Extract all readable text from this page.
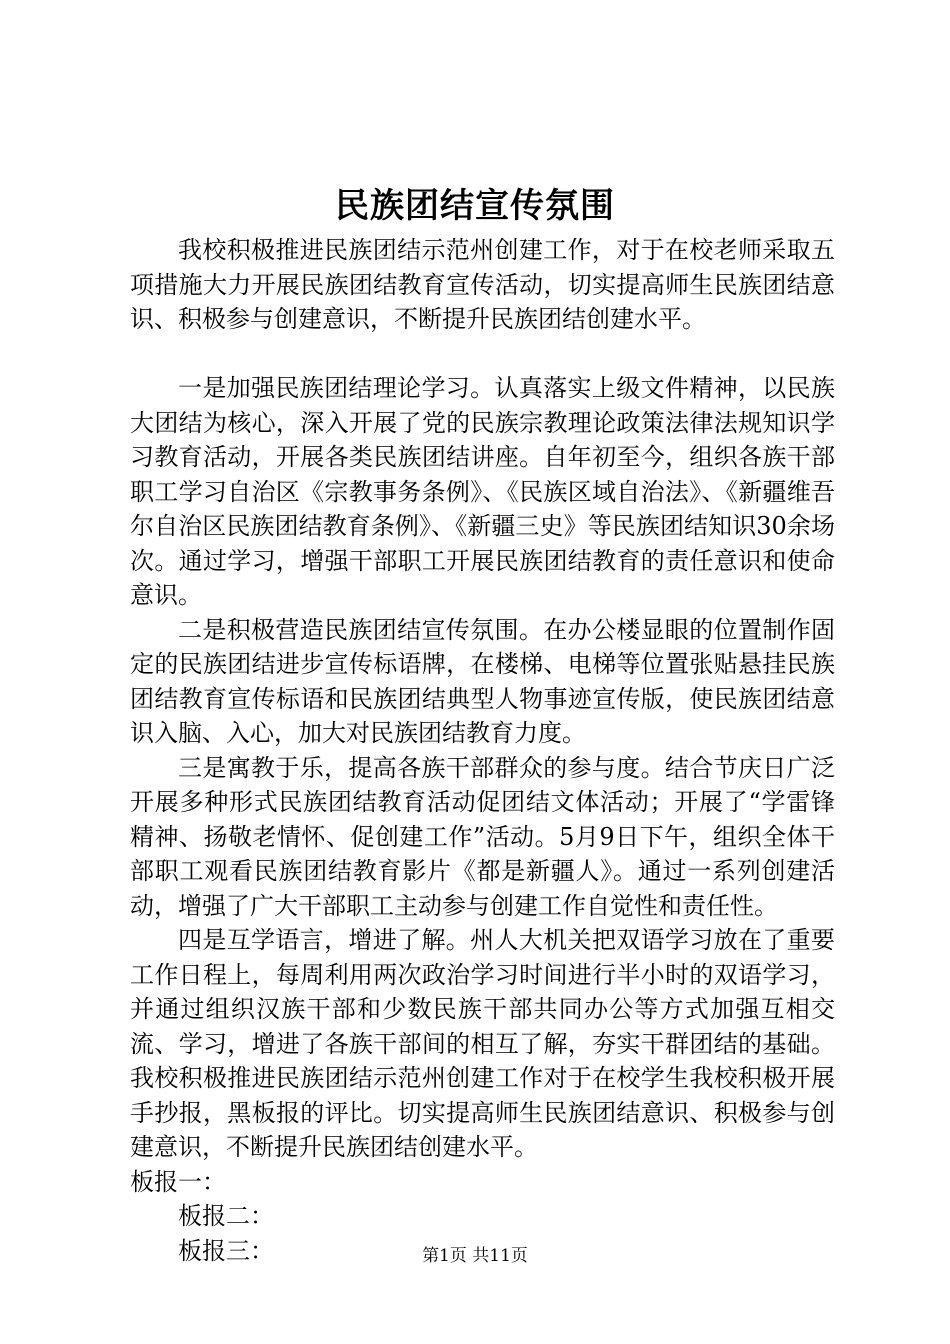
民族团结宣传氛围

我校积极推进民族团结示范州创建工作，对于在校老师采取五项措施大力开展民族团结教育宣传活动，切实提高师生民族团结意识、积极参与创建意识，不断提升民族团结创建水平。

一是加强民族团结理论学习。认真落实上级文件精神，以民族大团结为核心，深入开展了党的民族宗教理论政策法律法规知识学习教育活动，开展各类民族团结讲座。自年初至今，组织各族干部职工学习自治区《宗教事务条例》、《民族区域自治法》、《新疆维吾尔自治区民族团结教育条例》、《新疆三史》等民族团结知识30余场次。通过学习，增强干部职工开展民族团结教育的责任意识和使命意识。

二是积极营造民族团结宣传氛围。在办公楼显眼的位置制作固定的民族团结进步宣传标语牌，在楼梯、电梯等位置张贴悬挂民族团结教育宣传标语和民族团结典型人物事迹宣传版，使民族团结意识入脑、入心，加大对民族团结教育力度。

三是寓教于乐，提高各族干部群众的参与度。结合节庆日广泛开展多种形式民族团结教育活动促团结文体活动；开展了“学雷锋精神、扬敬老情怀、促创建工作”活动。5月9日下午，组织全体干部职工观看民族团结教育影片《都是新疆人》。通过一系列创建活动，增强了广大干部职工主动参与创建工作自觉性和责任性。

四是互学语言，增进了解。州人大机关把双语学习放在了重要工作日程上，每周利用两次政治学习时间进行半小时的双语学习，并通过组织汉族干部和少数民族干部共同办公等方式加强互相交流、学习，增进了各族干部间的相互了解，夯实干群团结的基础。我校积极推进民族团结示范州创建工作对于在校学生我校积极开展手抄报，黑板报的评比。切实提高师生民族团结意识、积极参与创建意识，不断提升民族团结创建水平。

板报一：

板报二：

板报三：	第1页 共11页
